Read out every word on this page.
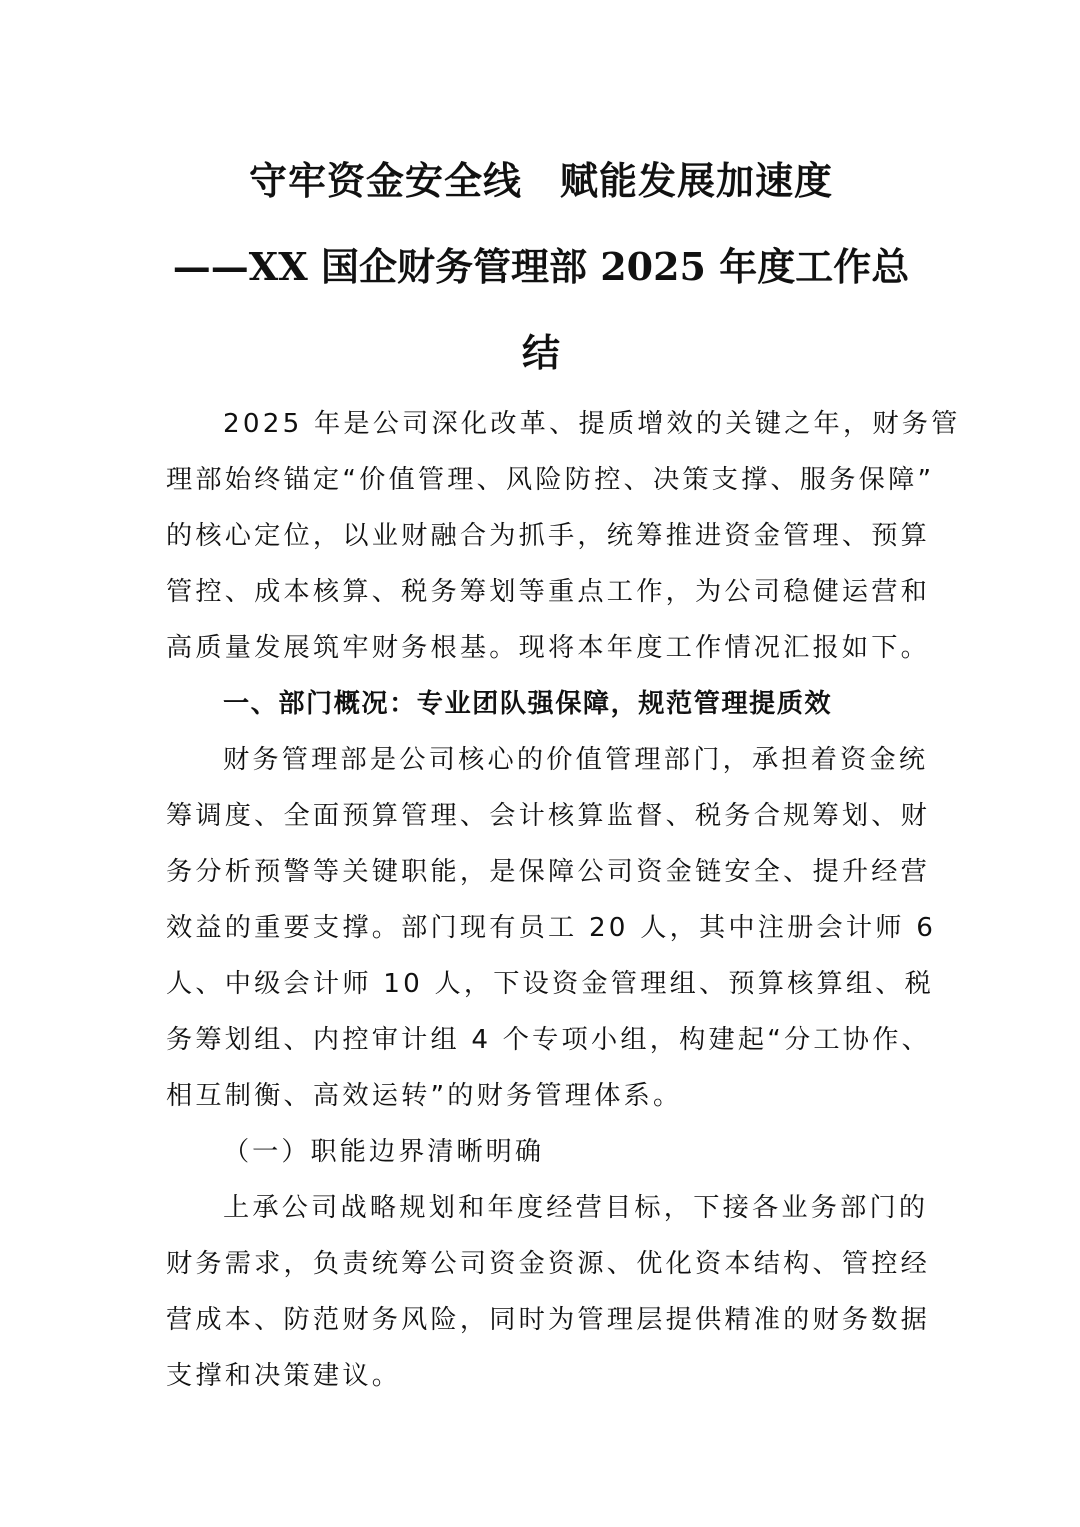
守牢资金安全线 赋能发展加速度
——XX 国企财务管理部 2025 年度工作总
结
2025 年是公司深化改革、提质增效的关键之年，财务管
理部始终锚定“价值管理、风险防控、决策支撑、服务保障”
的核心定位，以业财融合为抓手，统筹推进资金管理、预算
管控、成本核算、税务筹划等重点工作，为公司稳健运营和
高质量发展筑牢财务根基。现将本年度工作情况汇报如下。
一、部门概况：专业团队强保障，规范管理提质效
财务管理部是公司核心的价值管理部门，承担着资金统
筹调度、全面预算管理、会计核算监督、税务合规筹划、财
务分析预警等关键职能，是保障公司资金链安全、提升经营
效益的重要支撑。部门现有员工 20 人，其中注册会计师 6
人、中级会计师 10 人，下设资金管理组、预算核算组、税
务筹划组、内控审计组 4 个专项小组，构建起“分工协作、
相互制衡、高效运转”的财务管理体系。
（一）职能边界清晰明确
上承公司战略规划和年度经营目标，下接各业务部门的
财务需求，负责统筹公司资金资源、优化资本结构、管控经
营成本、防范财务风险，同时为管理层提供精准的财务数据
支撑和决策建议。
